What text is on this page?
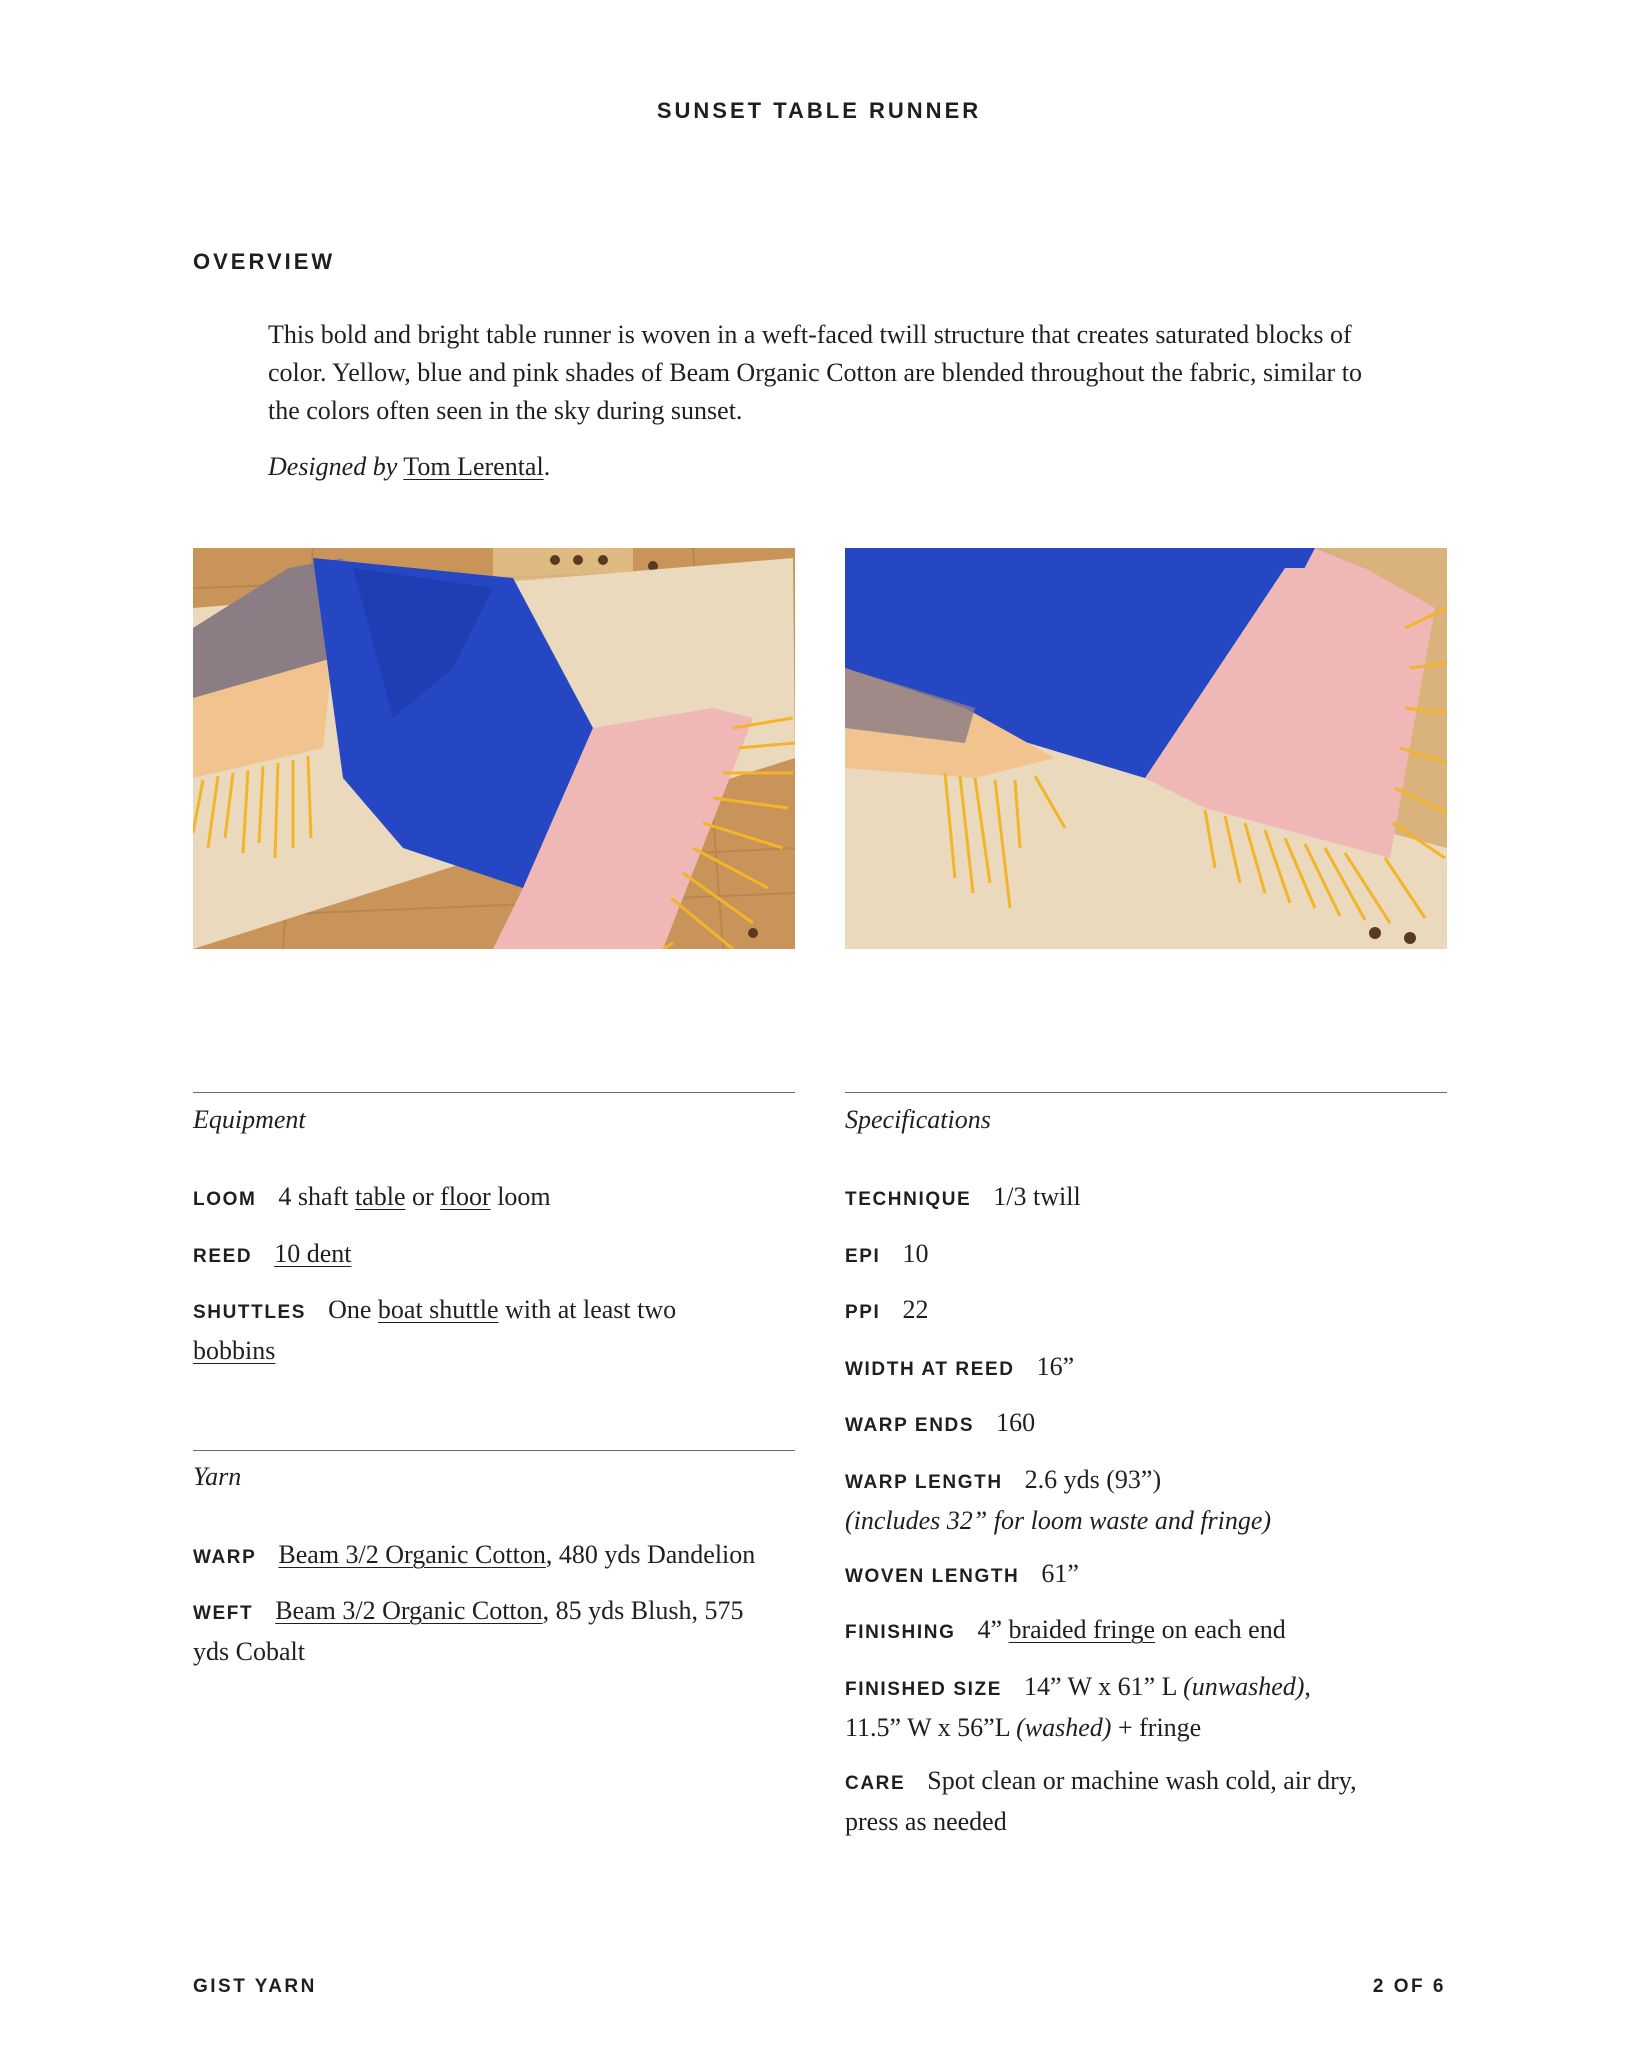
SUNSET TABLE RUNNER
OVERVIEW

This bold and bright table runner is woven in a weft-faced twill structure that creates saturated blocks of color. Yellow, blue and pink shades of Beam Organic Cotton are blended throughout the fabric, similar to the colors often seen in the sky during sunset.

Designed by Tom Lerental.

Equipment
LOOM 4 shaft table or floor loom
REED 10 dent
SHUTTLES One boat shuttle with at least two bobbins
Yarn
WARP Beam 3/2 Organic Cotton, 480 yds Dandelion
WEFT Beam 3/2 Organic Cotton, 85 yds Blush, 575 yds Cobalt
Specifications
TECHNIQUE 1/3 twill
EPI 10
PPI 22
WIDTH AT REED 16”
WARP ENDS 160
WARP LENGTH 2.6 yds (93”)
(includes 32” for loom waste and fringe)
WOVEN LENGTH 61”
FINISHING 4” braided fringe on each end
FINISHED SIZE 14” W x 61” L (unwashed),
11.5” W x 56”L (washed) + fringe
CARE Spot clean or machine wash cold, air dry,
press as needed
GIST YARN	2 OF 6
